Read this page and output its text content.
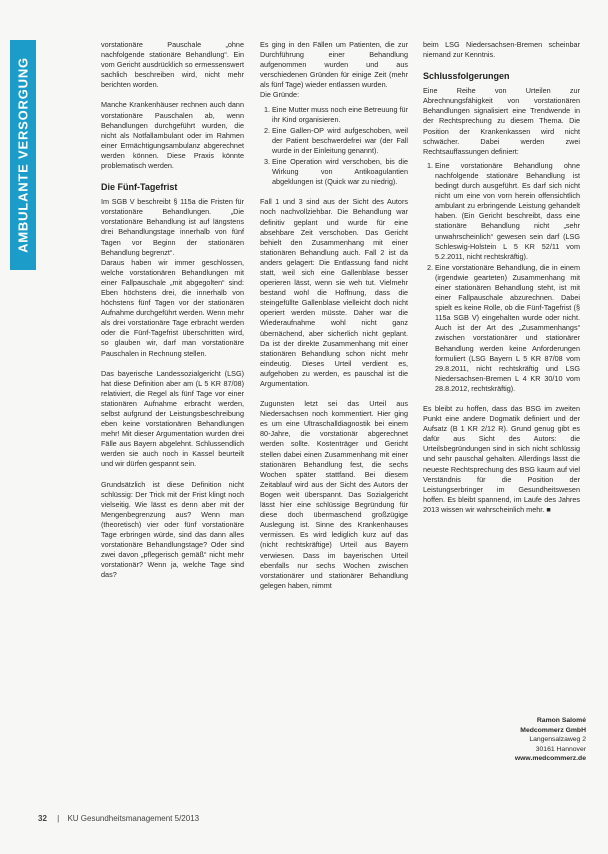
AMBULANTE VERSORGUNG

vorstationäre Pauschale „ohne nachfolgende stationäre Behandlung“. Ein vom Gericht ausdrücklich so ermessenswert sachlich beschreiben wird, nicht mehr berichten worden.

Manche Krankenhäuser rechnen auch dann vorstationäre Pauschalen ab, wenn Behandlungen durchgeführt wurden, die nicht als Notfallambulant oder im Rahmen einer Ermächtigungsambulanz abgerechnet werden können. Diese Praxis könnte problematisch werden.

Die Fünf-Tagefrist

Im SGB V beschreibt § 115a die Fristen für vorstationäre Behandlungen. „Die vorstationäre Behandlung ist auf längstens drei Behandlungstage innerhalb von fünf Tagen vor Beginn der stationären Behandlung begrenzt“.

Daraus haben wir immer geschlossen, welche vorstationären Behandlungen mit einer Fallpauschale „mit abgegolten“ sind: Eben höchstens drei, die innerhalb von höchstens fünf Tagen vor der stationären Aufnahme durchgeführt werden. Wenn mehr als drei vorstationäre Tage erbracht werden oder die Fünf-Tagefrist überschritten wird, so glauben wir, darf man vorstationäre Pauschalen in Rechnung stellen.

Das bayerische Landessozialgericht (LSG) hat diese Definition aber am (L 5 KR 87/08) relativiert, die Regel als fünf Tage vor einer stationären Aufnahme erbracht werden, selbst aufgrund der Leistungsbeschreibung eben keine vorstationären Behandlungen mehr! Mit dieser Argumentation wurden drei Fälle aus Bayern abgelehnt. Schlussendlich werden sie auch noch in Kassel beurteilt und wir dürfen gespannt sein.

Grundsätzlich ist diese Definition nicht schlüssig: Der Trick mit der Frist klingt noch vielseitig. Wie lässt es denn aber mit der Mengenbegrenzung aus? Wenn man (theoretisch) vier oder fünf vorstationäre Tage erbringen würde, sind das dann alles vorstationäre Behandlungstage? Oder sind zwei davon „pflegerisch gemäß“ nicht mehr vorstationär? Wenn ja, welche Tage sind das?

Es ging in den Fällen um Patienten, die zur Durchführung einer Behandlung aufgenommen wurden und aus verschiedenen Gründen für einige Zeit (mehr als fünf Tage) wieder entlassen wurden.

Die Gründe:

1. Eine Mutter muss noch eine Betreuung für ihr Kind organisieren.
2. Eine Gallen-OP wird aufgeschoben, weil der Patient beschwerdefrei war (der Fall wurde in der Einleitung genannt).
3. Eine Operation wird verschoben, bis die Wirkung von Antikoagulantien abgeklungen ist (Quick war zu niedrig).

Fall 1 und 3 sind aus der Sicht des Autors noch nachvollziehbar. Die Behandlung war definitiv geplant und wurde für eine absehbare Zeit verschoben. Das Gericht behielt den Zusammenhang mit einer stationären Behandlung auch. Fall 2 ist da anders gelagert: Die Entlassung fand nicht statt, weil sich eine Gallenblase besser operieren lässt, wenn sie weh tut. Vielmehr bestand wohl die Hoffnung, dass die steingefüllte Gallenblase vielleicht doch nicht operiert werden müsste. Daher war die Wiederaufnahme wohl nicht ganz übernächend, aber sicherlich nicht geplant. Da ist der direkte Zusammenhang mit einer stationären Behandlung schon nicht mehr eindeutig. Dieses Urteil verdient es, aufgehoben zu werden, es pauschal ist die Argumentation.

Zugunsten letzt sei das Urteil aus Niedersachsen noch kommentiert. Hier ging es um eine Ultraschalldiagnostik bei einem 80-Jahre, die vorstationär abgerechnet werden sollte. Kostenträger und Gericht stellen dabei einen Zusammenhang mit einer stationären Behandlung fest, die sechs Wochen später stattfand. Bei diesem Zeitablauf wird aus der Sicht des Autors der Bogen weit überspannt. Das Sozialgericht lässt hier eine schlüssige Begründung für diese doch übermaschend großzügige Auslegung ist. Sinne des Krankenhauses vermissen. Es wird lediglich kurz auf das (nicht rechtskräftige) Urteil aus Bayern verwiesen. Dass im bayerischen Urteil ebenfalls nur sechs Wochen zwischen vorstationärer und stationärer Behandlung gelegen haben, nimmt

beim LSG Niedersachsen-Bremen scheinbar niemand zur Kenntnis.

Schlussfolgerungen

Eine Reihe von Urteilen zur Abrechnungsfähigkeit von vorstationären Behandlungen signalisiert eine Trendwende in der Rechtsprechung zu diesem Thema. Die Position der Krankenkassen wird nicht schwächer. Dabei werden zwei Rechtsauffassungen definiert:

1. Eine vorstationäre Behandlung ohne nachfolgende stationäre Behandlung ist bedingt durch ausgeführt. Es darf sich nicht nicht um eine von vorn herein offensichtlich ambulant zu erbringende Leistung gehandelt haben. (Ein Gericht beschreibt, dass eine stationäre Behandlung nicht „sehr unwahrscheinlich“ gewesen sein darf (LSG Schleswig-Holstein L 5 KR 52/11 vom 5.2.2011, nicht rechtskräftig).
2. Eine vorstationäre Behandlung, die in einem (irgendwie gearteten) Zusammenhang mit einer stationären Behandlung steht, ist mit einer Fallpauschale abzurechnen. Dabei spielt es keine Rolle, ob die Fünf-Tagefrist (§ 115a SGB V) eingehalten wurde oder nicht. Auch ist der Art des „Zusammenhangs“ zwischen vorstationärer und stationärer Behandlung werden keine Anforderungen formuliert (LSG Bayern L 5 KR 87/08 vom 29.8.2011, nicht rechtskräftig und LSG Niedersachsen-Bremen L 4 KR 30/10 vom 28.8.2012, rechtskräftig).

Es bleibt zu hoffen, dass das BSG im zweiten Punkt eine andere Dogmatik definiert und der Aufsatz (B 1 KR 2/12 R). Grund genug gibt es dafür aus Sicht des Autors: die Urteilsbegründungen sind in sich nicht schlüssig und sehr pauschal gehalten. Allerdings lässt die neueste Rechtsprechung des BSG kaum auf viel Verständnis für die Position der Leistungserbringer im Gesundheitswesen hoffen. Es bleibt spannend, im Laufe des Jahres 2013 wissen wir wahrscheinlich mehr. ■

Ramon Salomé
Medcommerz GmbH
Langensalzaweg 2
30161 Hannover
www.medcommerz.de
32 | KU Gesundheitsmanagement 5/2013
